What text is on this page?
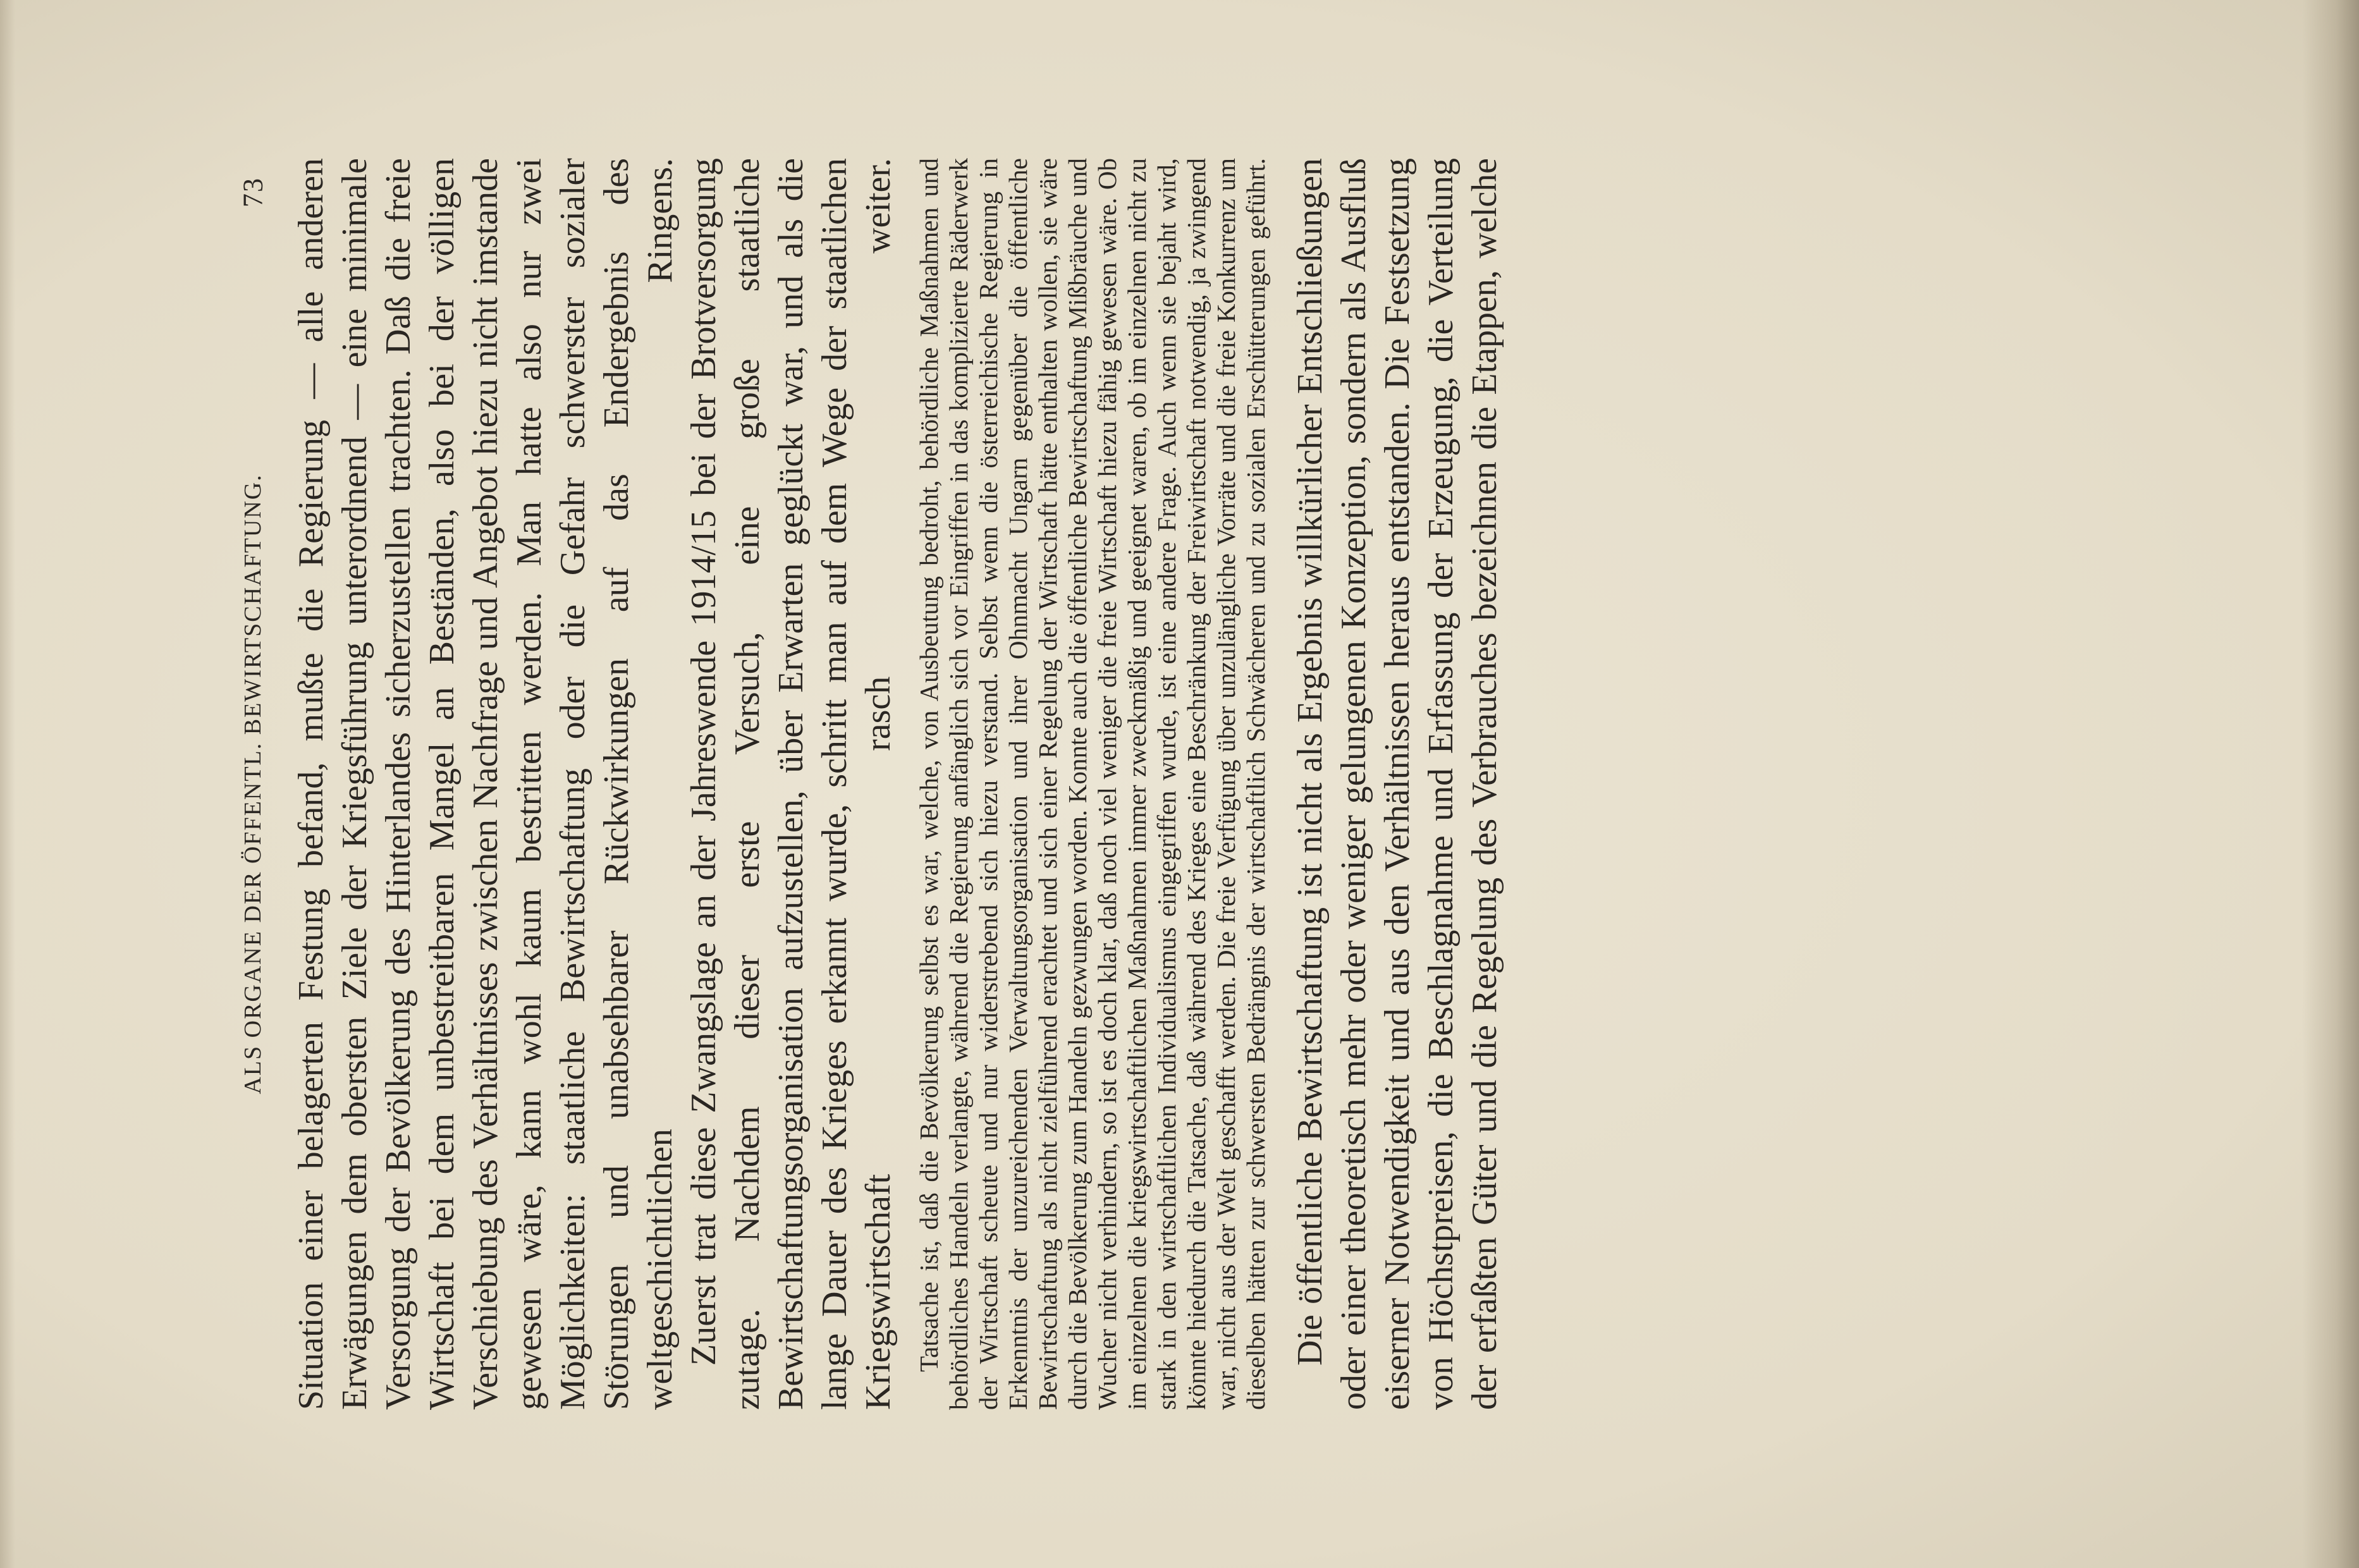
ALS ORGANE DER ÖFFENTL. BEWIRTSCHAFTUNG.
73 Situation einer belagerten Festung befand, mußte die Regierung — alle anderen Erwägungen dem obersten Ziele der Kriegsführung unterordnend — eine minimale Versorgung der Bevölkerung des Hinterlandes sicherzustellen trachten. Daß die freie Wirtschaft bei dem unbestreitbaren Mangel an Beständen, also bei der völligen Verschiebung des Verhältnisses zwischen Nachfrage und Angebot hiezu nicht imstande gewesen wäre, kann wohl kaum bestritten werden. Man hatte also nur zwei Möglichkeiten: staatliche Bewirtschaftung oder die Gefahr schwerster sozialer Störungen und unabsehbarer Rückwirkungen auf das Endergebnis des weltgeschichtlichen Ringens. Zuerst trat diese Zwangslage an der Jahreswende 1914/15 bei der Brotversorgung zutage. Nachdem dieser erste Versuch, eine große staatliche Bewirtschaftungsorganisation aufzustellen, über Erwarten geglückt war, und als die lange Dauer des Krieges erkannt wurde, schritt man auf dem Wege der staatlichen Kriegswirtschaft rasch weiter. Tatsache ist, daß die Bevölkerung selbst es war, welche, von Ausbeutung bedroht, behördliche Maßnahmen und behördliches Handeln verlangte, während die Regierung anfänglich sich vor Eingriffen in das komplizierte Räderwerk der Wirtschaft scheute und nur widerstrebend sich hiezu verstand. Selbst wenn die österreichische Regierung in Erkenntnis der unzureichenden Verwaltungsorganisation und ihrer Ohnmacht Ungarn gegenüber die öffentliche Bewirtschaftung als nicht zielführend erachtet und sich einer Regelung der Wirtschaft hätte enthalten wollen, sie wäre durch die Bevölkerung zum Handeln gezwungen worden. Konnte auch die öffentliche Bewirtschaftung Mißbräuche und Wucher nicht verhindern, so ist es doch klar, daß noch viel weniger die freie Wirtschaft hiezu fähig gewesen wäre. Ob im einzelnen die kriegswirtschaftlichen Maßnahmen immer zweckmäßig und geeignet waren, ob im einzelnen nicht zu stark in den wirtschaftlichen Individualismus eingegriffen wurde, ist eine andere Frage. Auch wenn sie bejaht wird, könnte hiedurch die Tatsache, daß während des Krieges eine Beschränkung der Freiwirtschaft notwendig, ja zwingend war, nicht aus der Welt geschafft werden. Die freie Verfügung über unzulängliche Vorräte und die freie Konkurrenz um dieselben hätten zur schwersten Bedrängnis der wirtschaftlich Schwächeren und zu sozialen Erschütterungen geführt. Die öffentliche Bewirtschaftung ist nicht als Ergebnis willkürlicher Entschließungen oder einer theoretisch mehr oder weniger gelungenen Konzeption, sondern als Ausfluß eiserner Notwendigkeit und aus den Verhältnissen heraus entstanden. Die Festsetzung von Höchstpreisen, die Beschlagnahme und Erfassung der Erzeugung, die Verteilung der erfaßten Güter und die Regelung des Verbrauches bezeichnen die Etappen, welche
